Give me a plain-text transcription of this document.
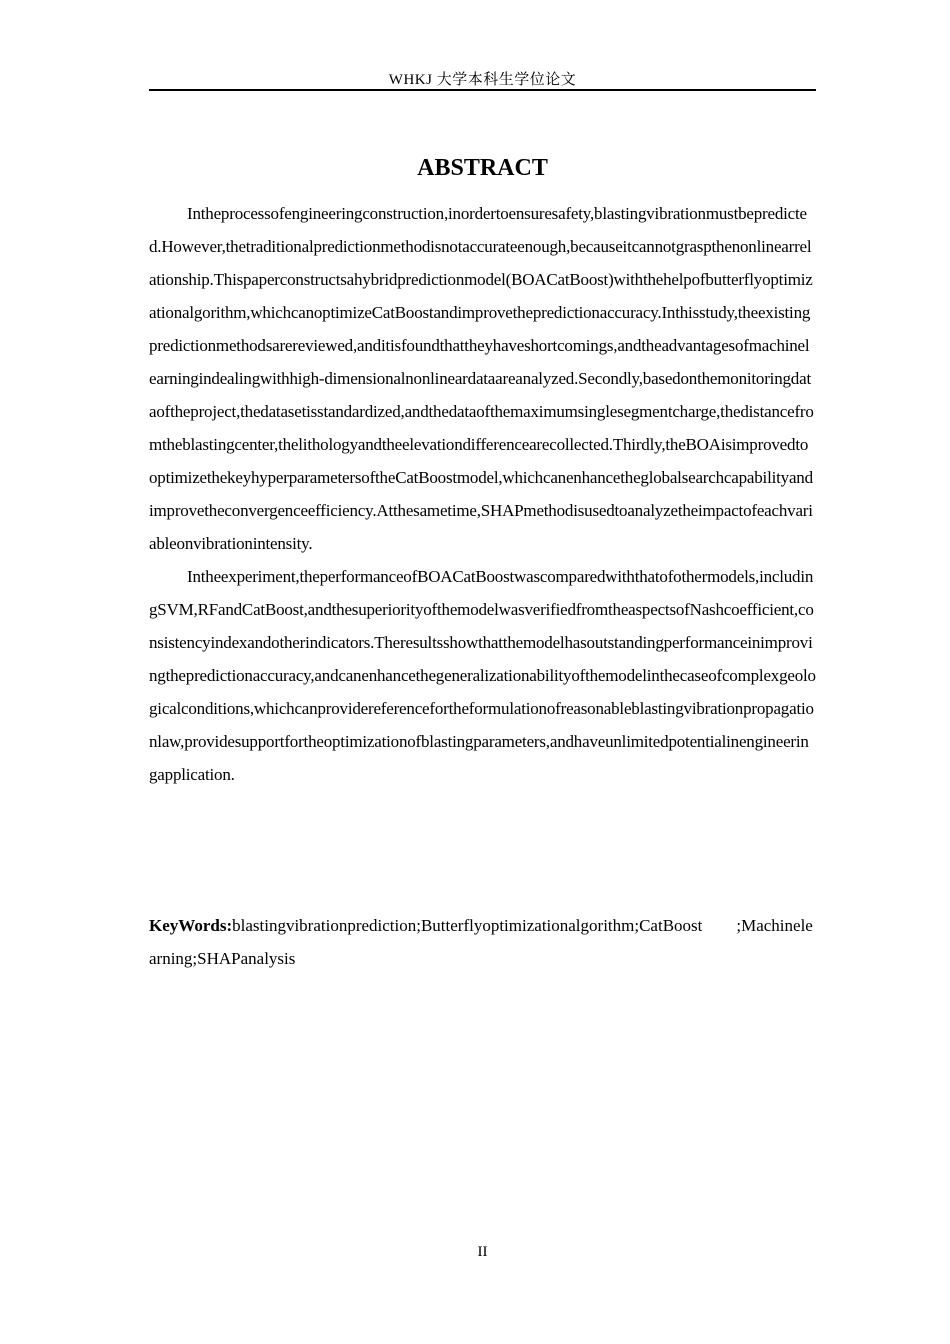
WHKJ 大学本科生学位论文
ABSTRACT

Intheprocessofengineeringconstruction,inordertoensuresafety,blastingvibrationmustbepredicted.However,thetraditionalpredictionmethodisnotaccurateenough,becauseitcannotgraspthenonlinearrelationship.Thispaperconstructsahybridpredictionmodel(BOACatBoost)withthehelpofbutterflyoptimizationalgorithm,whichcanoptimizeCatBoostandimprovethepredictionaccuracy.Inthisstudy,theexistingpredictionmethodsarereviewed,anditisfoundthattheyhaveshortcomings,andtheadvantagesofmachinelearningindealingwithhigh-dimensionalnonlineardataareanalyzed.Secondly,basedonthemonitoringdataoftheproject,thedatasetisstandardized,andthedataofthemaximumsinglesegmentcharge,thedistancefromtheblastingcenter,thelithologyandtheelevationdifferencearecollected.Thirdly,theBOAisimprovedtooptimizethekeyhyperparametersoftheCatBoostmodel,whichcanenhancetheglobalsearchcapabilityandimprovetheconvergenceefficiency.Atthesametime,SHAPmethodisusedtoanalyzetheimpactofeachvariableonvibrationintensity.

Intheexperiment,theperformanceofBOACatBoostwascomparedwiththatofothermodels,includingSVM,RFandCatBoost,andthesuperiorityofthemodelwasverifiedfromtheaspectsofNashcoefficient,consistencyindexandotherindicators.Theresultsshowthatthemodelhasoutstandingperformanceinimprovingthepredictionaccuracy,andcanenhancethegeneralizationabilityofthemodelinthecaseofcomplexgeologicalconditions,whichcanprovidereferencefortheformulationofreasonableblastingvibrationpropagationlaw,providesupportfortheoptimizationofblastingparameters,andhaveunlimitedpotentialinengineeringapplication.

KeyWords:blastingvibrationprediction;Butterflyoptimizationalgorithm;CatBoost　　;Machinelearning;SHAPanalysis
II
